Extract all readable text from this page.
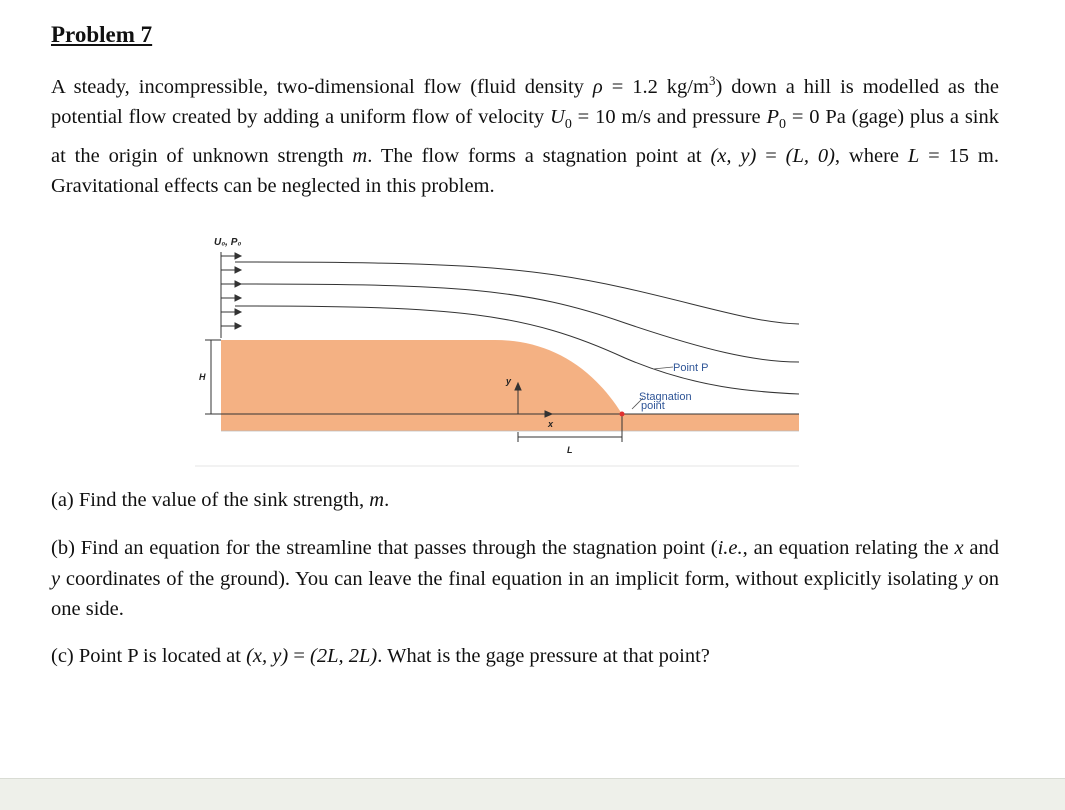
Problem 7

A steady, incompressible, two-dimensional flow (fluid density ρ = 1.2 $kg/m^3$) down a hill is modelled as the potential flow created by adding a uniform flow of velocity $U_0 = 10$ m/s and pressure $P_0 = 0$ Pa (gage) plus a sink at the origin of unknown strength m. The flow forms a stagnation point at (x, y) = (L, 0), where L = 15 m. Gravitational effects can be neglected in this problem.

U₀, P₀
H	y
x
L
Stagnation
point
Point P

(a) Find the value of the sink strength, m.

(b) Find an equation for the streamline that passes through the stagnation point (i.e., an equation relating the x and y coordinates of the ground). You can leave the final equation in an implicit form, without explicitly isolating y on one side.

(c) Point P is located at (x, y) = (2L, 2L). What is the gage pressure at that point?
